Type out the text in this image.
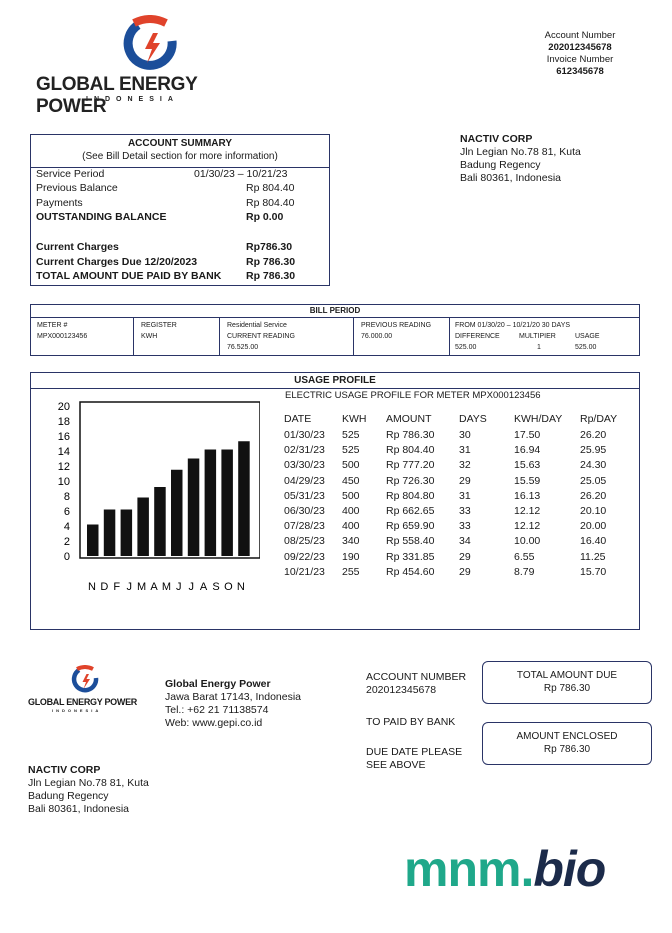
GLOBAL ENERGY POWER
INDONESIA
Account Number
202012345678
Invoice Number
612345678
ACCOUNT SUMMARY
(See Bill Detail section for more information)
Service Period	01/30/23 – 10/21/23
Previous Balance	Rp 804.40
Payments	Rp 804.40
OUTSTANDING BALANCE	Rp 0.00
Current Charges	Rp786.30
Current Charges Due 12/20/2023	Rp 786.30
TOTAL AMOUNT DUE PAID BY BANK Rp 786.30
NACTIV CORP
Jln Legian No.78 81, Kuta
Badung Regency
Bali 80361, Indonesia
BILL PERIOD
METER #
MPX000123456
REGISTER
KWH
Residential Service
CURRENT READING
76.525.00
PREVIOUS READING
76.000.00
FROM 01/30/20 – 10/21/20 30 DAYS
DIFFERENCE
525.00
MULTIPIER
1
USAGE
525.00
USAGE PROFILE
0
2
4
6
8
10
12
14
16
18
20
N D F J M A M J J A S O N
ELECTRIC USAGE PROFILE FOR METER MPX000123456
DATE	KWH AMOUNT	DAYS	KWH/DAY Rp/DAY
01/30/23 525	Rp 786.30 30	17.50	26.20
02/31/23 525	Rp 804.40 31	16.94	25.95
03/30/23 500	Rp 777.20 32	15.63	24.30
04/29/23 450	Rp 726.30 29	15.59	25.05
05/31/23 500	Rp 804.80 31	16.13	26.20
06/30/23 400	Rp 662.65 33	12.12	20.10
07/28/23 400	Rp 659.90 33	12.12	20.00
08/25/23 340	Rp 558.40 34	10.00	16.40
09/22/23 190	Rp 331.85 29	6.55	11.25
10/21/23 255	Rp 454.60 29	8.79	15.70
GLOBAL ENERGY POWER
INDONESIA
Global Energy Power
Jawa Barat 17143, Indonesia
Tel.: +62 21 71138574
Web: www.gepi.co.id
NACTIV CORP
Jln Legian No.78 81, Kuta
Badung Regency
Bali 80361, Indonesia
ACCOUNT NUMBER
202012345678
TO PAID BY BANK
DUE DATE PLEASE
SEE ABOVE
TOTAL AMOUNT DUE
Rp 786.30
AMOUNT ENCLOSED
Rp 786.30
mnm.bio
